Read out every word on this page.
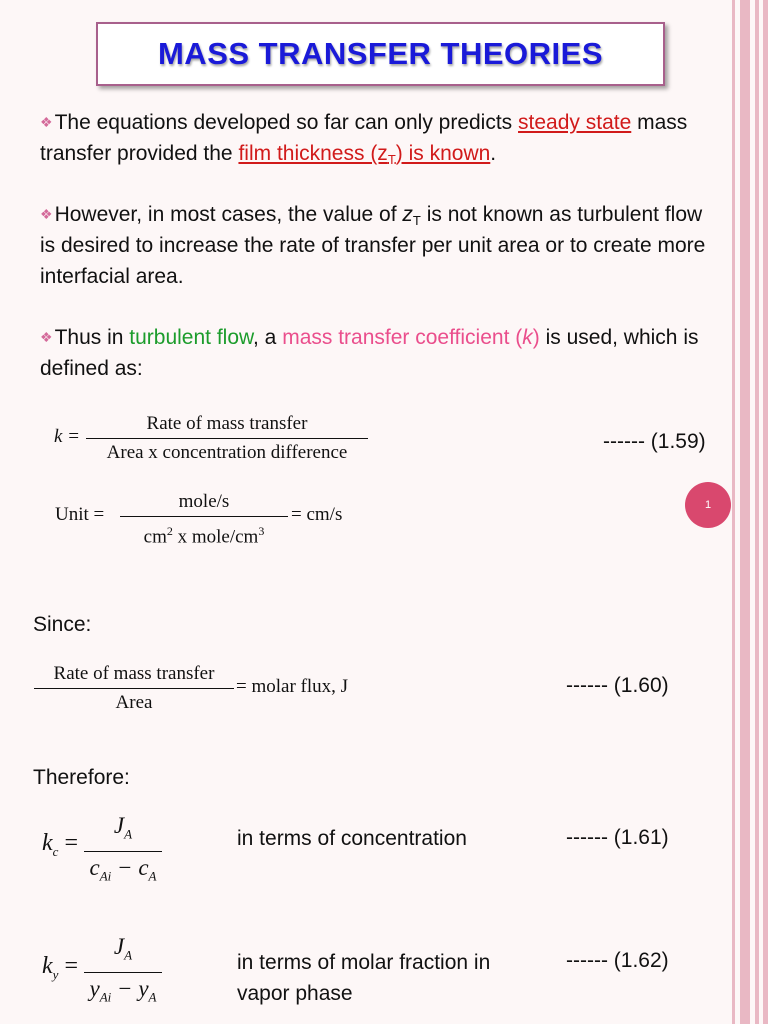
MASS TRANSFER THEORIES
❖The equations developed so far can only predicts steady state mass transfer provided the film thickness $(z_T)$ is known.
❖However, in most cases, the value of $z_T$ is not known as turbulent flow is desired to increase the rate of transfer per unit area or to create more interfacial area.
❖Thus in turbulent flow, a mass transfer coefficient (k) is used, which is defined as:
k =
Rate of mass transfer
Area x concentration difference	------ (1.59)
Unit =
mole/s
$cm^2$ x mole/$cm^3$
= cm/s	1
Since:
Rate of mass transfer
Area
= molar flux, J	------ (1.60)
Therefore:
$k_c$ =
$J_A$
$c_{Ai} - c_A$
in terms of concentration	------ (1.61)
$k_y$ =
$J_A$
$y_{Ai} - y_A$
in terms of molar fraction in vapor phase
------ (1.62)
